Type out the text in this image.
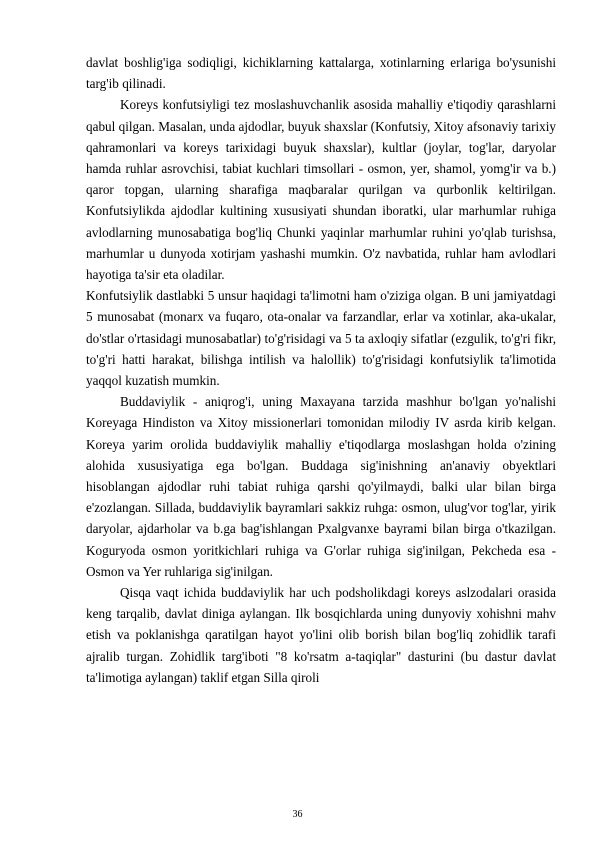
davlat boshlig'iga sodiqligi, kichiklarning kattalarga, xotinlarning erlariga bo'ysunishi targ'ib qilinadi.

Koreys konfutsiyligi tez moslashuvchanlik asosida mahalliy e'tiqodiy qarashlarni qabul qilgan. Masalan, unda ajdodlar, buyuk shaxslar (Konfutsiy, Xitoy afsonaviy tarixiy qahramonlari va koreys tarixidagi buyuk shaxslar), kultlar (joylar, tog'lar, daryolar hamda ruhlar asrovchisi, tabiat kuchlari timsollari - osmon, yer, shamol, yomg'ir va b.) qaror topgan, ularning sharafiga maqbaralar qurilgan va qurbonlik keltirilgan. Konfutsiylikda ajdodlar kultining xususiyati shundan iboratki, ular marhumlar ruhiga avlodlarning munosabatiga bog'liq Chunki yaqinlar marhumlar ruhini yo'qlab turishsa, marhumlar u dunyoda xotirjam yashashi mumkin. O'z navbatida, ruhlar ham avlodlari hayotiga ta'sir eta oladilar.

Konfutsiylik dastlabki 5 unsur haqidagi ta'limotni ham o'ziziga olgan. B uni jamiyatdagi 5 munosabat (monarx va fuqaro, ota-onalar va farzandlar, erlar va xotinlar, aka-ukalar, do'stlar o'rtasidagi munosabatlar) to'g'risidagi va 5 ta axloqiy sifatlar (ezgulik, to'g'ri fikr, to'g'ri hatti harakat, bilishga intilish va halollik) to'g'risidagi konfutsiylik ta'limotida yaqqol kuzatish mumkin.

Buddaviylik - aniqrog'i, uning Maxayana tarzida mashhur bo'lgan yo'nalishi Koreyaga Hindiston va Xitoy missionerlari tomonidan milodiy IV asrda kirib kelgan. Koreya yarim orolida buddaviylik mahalliy e'tiqodlarga moslashgan holda o'zining alohida xususiyatiga ega bo'lgan. Buddaga sig'inishning an'anaviy obyektlari hisoblangan ajdodlar ruhi tabiat ruhiga qarshi qo'yilmaydi, balki ular bilan birga e'zozlangan. Sillada, buddaviylik bayramlari sakkiz ruhga: osmon, ulug'vor tog'lar, yirik daryolar, ajdarholar va b.ga bag'ishlangan Pxalgvanxe bayrami bilan birga o'tkazilgan. Koguryoda osmon yoritkichlari ruhiga va G'orlar ruhiga sig'inilgan, Pekcheda esa - Osmon va Yer ruhlariga sig'inilgan.

Qisqa vaqt ichida buddaviylik har uch podsholikdagi koreys aslzodalari orasida keng tarqalib, davlat diniga aylangan. Ilk bosqichlarda uning dunyoviy xohishni mahv etish va poklanishga qaratilgan hayot yo'lini olib borish bilan bog'liq zohidlik tarafi ajralib turgan. Zohidlik targ'iboti "8 ko'rsatm a-taqiqlar" dasturini (bu dastur davlat ta'limotiga aylangan) taklif etgan Silla qiroli

36
